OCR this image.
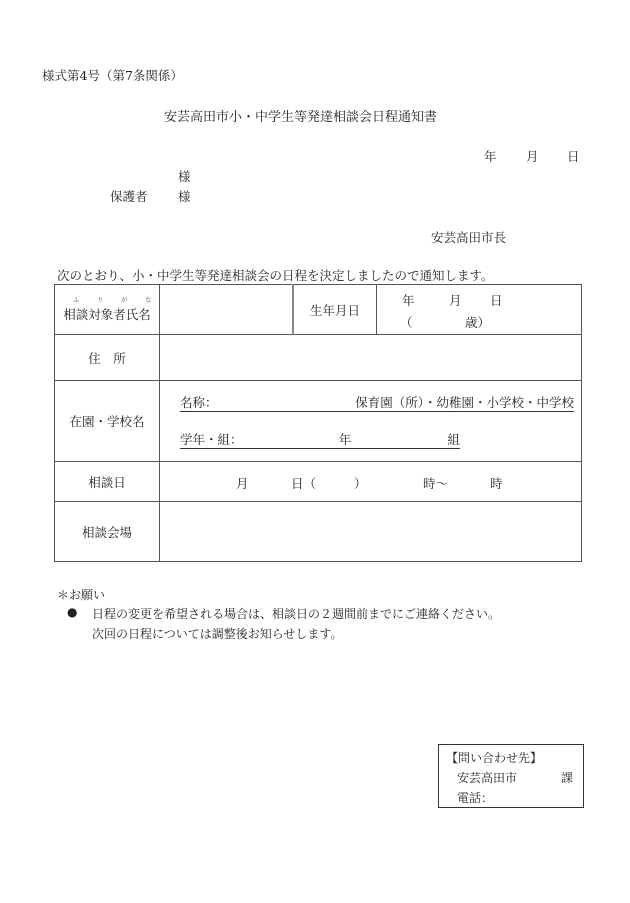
様式第4号（第7条関係）
安芸高田市小・中学生等発達相談会日程通知書
年 月 日
様
保護者 様
安芸高田市長
次のとおり、小・中学生等発達相談会の日程を決定しましたので通知します。
ふ り が な
相談対象者氏名		生年月日	年 月 日
（ 歳）

住　所			
在園・学校名	名称： 保育園（所）・幼稚園・小学校・中学校
学年・組： 年 組		

相談日	月 日（ ） 時～ 時		

相談会場			
＊お願い
● 日程の変更を希望される場合は、相談日の２週間前までにご連絡ください。
次回の日程については調整後お知らせします。
【問い合わせ先】
安芸高田市	課
電話：
